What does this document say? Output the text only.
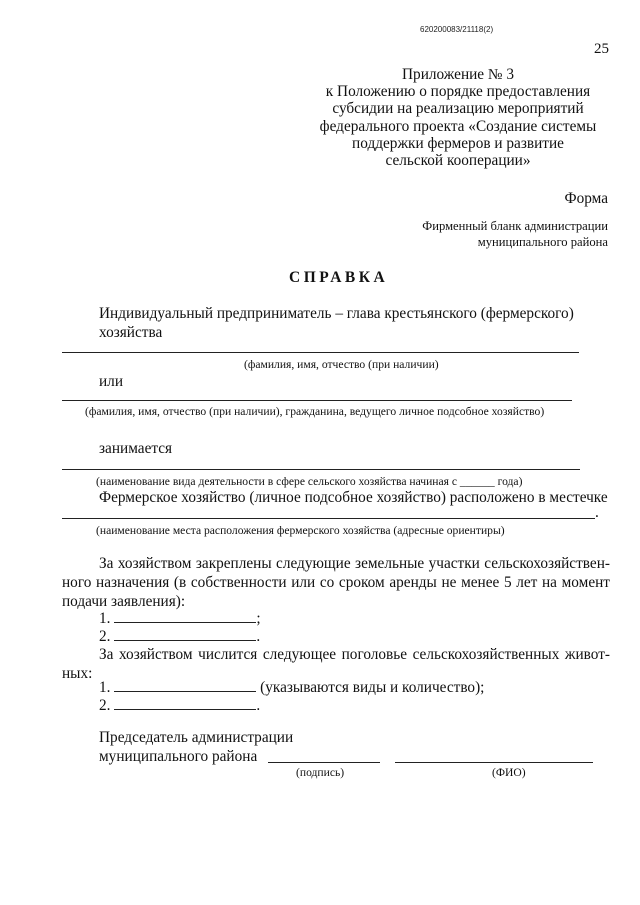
620200083/21118(2)
25
Приложение № 3
к Положению о порядке предоставления
субсидии на реализацию мероприятий
федерального проекта «Создание системы
поддержки фермеров и развитие
сельской кооперации»
Форма
Фирменный бланк администрации
муниципального района
СПРАВКА
Индивидуальный предприниматель – глава крестьянского (фермерского)
хозяйства
(фамилия, имя, отчество (при наличии)
или
(фамилия, имя, отчество (при наличии), гражданина, ведущего личное подсобное хозяйство)
занимается
(наименование вида деятельности в сфере сельского хозяйства начиная с ______ года)
Фермерское хозяйство (личное подсобное хозяйство) расположено в местечке
.
(наименование места расположения фермерского хозяйства (адресные ориентиры)
За хозяйством закреплены следующие земельные участки сельскохозяйственного назначения (в собственности или со сроком аренды не менее 5 лет на момент подачи заявления):
1.	;
2.	.
За хозяйством числится следующее поголовье сельскохозяйственных животных:
1.	(указываются виды и количество);
2.	.
Председатель администрации
муниципального района
(подпись)	(ФИО)
